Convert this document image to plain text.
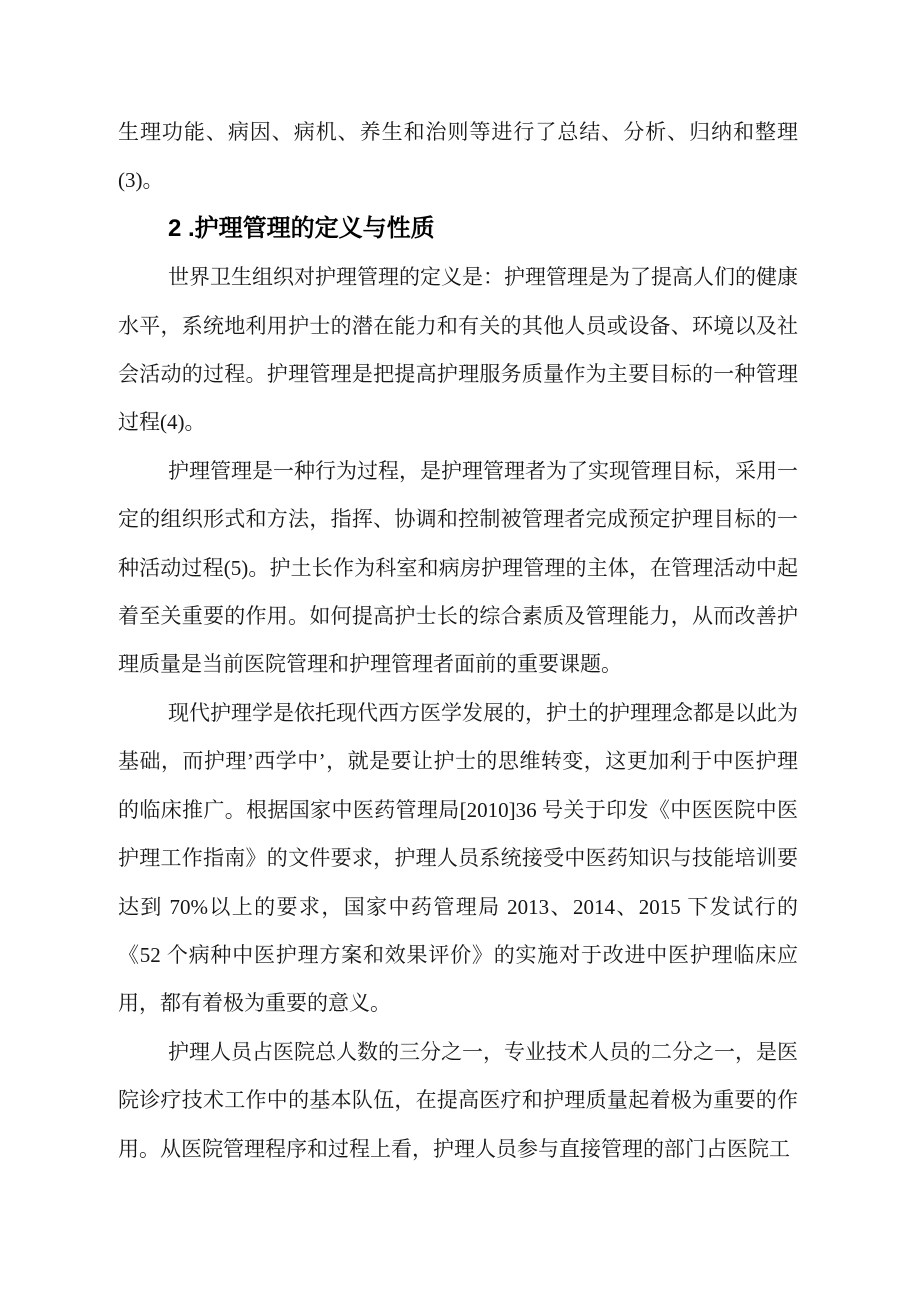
生理功能、病因、病机、养生和治则等进行了总结、分析、归纳和整理(3)。

2 .护理管理的定义与性质

世界卫生组织对护理管理的定义是：护理管理是为了提高人们的健康水平，系统地利用护士的潜在能力和有关的其他人员或设备、环境以及社会活动的过程。护理管理是把提高护理服务质量作为主要目标的一种管理过程(4)。

护理管理是一种行为过程，是护理管理者为了实现管理目标，采用一定的组织形式和方法，指挥、协调和控制被管理者完成预定护理目标的一种活动过程(5)。护土长作为科室和病房护理管理的主体，在管理活动中起着至关重要的作用。如何提高护士长的综合素质及管理能力，从而改善护理质量是当前医院管理和护理管理者面前的重要课题。

现代护理学是依托现代西方医学发展的，护土的护理理念都是以此为基础，而护理’西学中’，就是要让护士的思维转变，这更加利于中医护理的临床推广。根据国家中医药管理局[2010]36 号关于印发《中医医院中医护理工作指南》的文件要求，护理人员系统接受中医药知识与技能培训要达到 70%以上的要求，国家中药管理局 2013、2014、2015 下发试行的《52 个病种中医护理方案和效果评价》的实施对于改进中医护理临床应用，都有着极为重要的意义。

护理人员占医院总人数的三分之一，专业技术人员的二分之一，是医院诊疗技术工作中的基本队伍，在提高医疗和护理质量起着极为重要的作用。从医院管理程序和过程上看，护理人员参与直接管理的部门占医院工
